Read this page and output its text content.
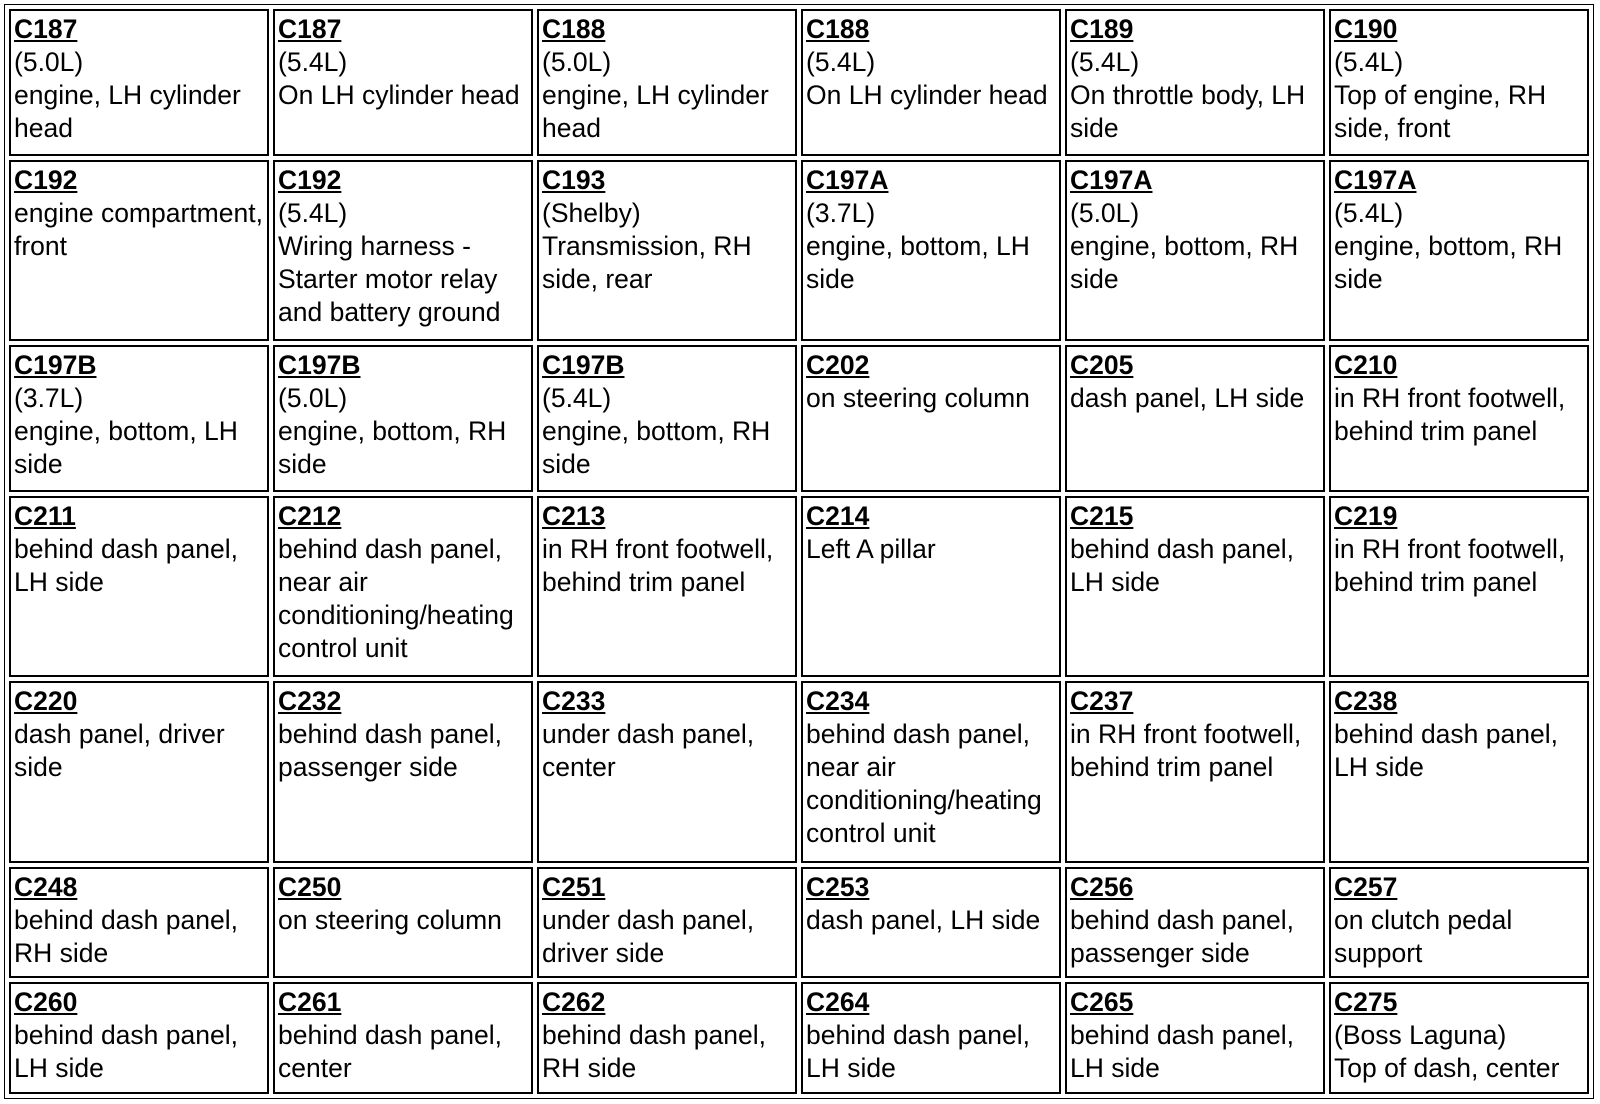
C187
(5.0L)
engine, LH cylinder head	C187
(5.4L)
On LH cylinder head	C188
(5.0L)
engine, LH cylinder head	C188
(5.4L)
On LH cylinder head	C189
(5.4L)
On throttle body, LH side	C190
(5.4L)
Top of engine, RH side, front

C192
engine compartment, front	C192
(5.4L)
Wiring harness - Starter motor relay and battery ground	C193
(Shelby)
Transmission, RH side, rear	C197A
(3.7L)
engine, bottom, LH side	C197A
(5.0L)
engine, bottom, RH side	C197A
(5.4L)
engine, bottom, RH side

C197B
(3.7L)
engine, bottom, LH side	C197B
(5.0L)
engine, bottom, RH side	C197B
(5.4L)
engine, bottom, RH side	C202
on steering column	C205
dash panel, LH side	C210
in RH front footwell, behind trim panel

C211
behind dash panel, LH side	C212
behind dash panel, near air conditioning/heating control unit	C213
in RH front footwell, behind trim panel	C214
Left A pillar	C215
behind dash panel, LH side	C219
in RH front footwell, behind trim panel

C220
dash panel, driver side	C232
behind dash panel, passenger side	C233
under dash panel, center	C234
behind dash panel, near air conditioning/heating control unit	C237
in RH front footwell, behind trim panel	C238
behind dash panel, LH side

C248
behind dash panel, RH side	C250
on steering column	C251
under dash panel, driver side	C253
dash panel, LH side	C256
behind dash panel, passenger side	C257
on clutch pedal support

C260
behind dash panel, LH side	C261
behind dash panel, center	C262
behind dash panel, RH side	C264
behind dash panel, LH side	C265
behind dash panel, LH side	C275
(Boss Laguna)
Top of dash, center
